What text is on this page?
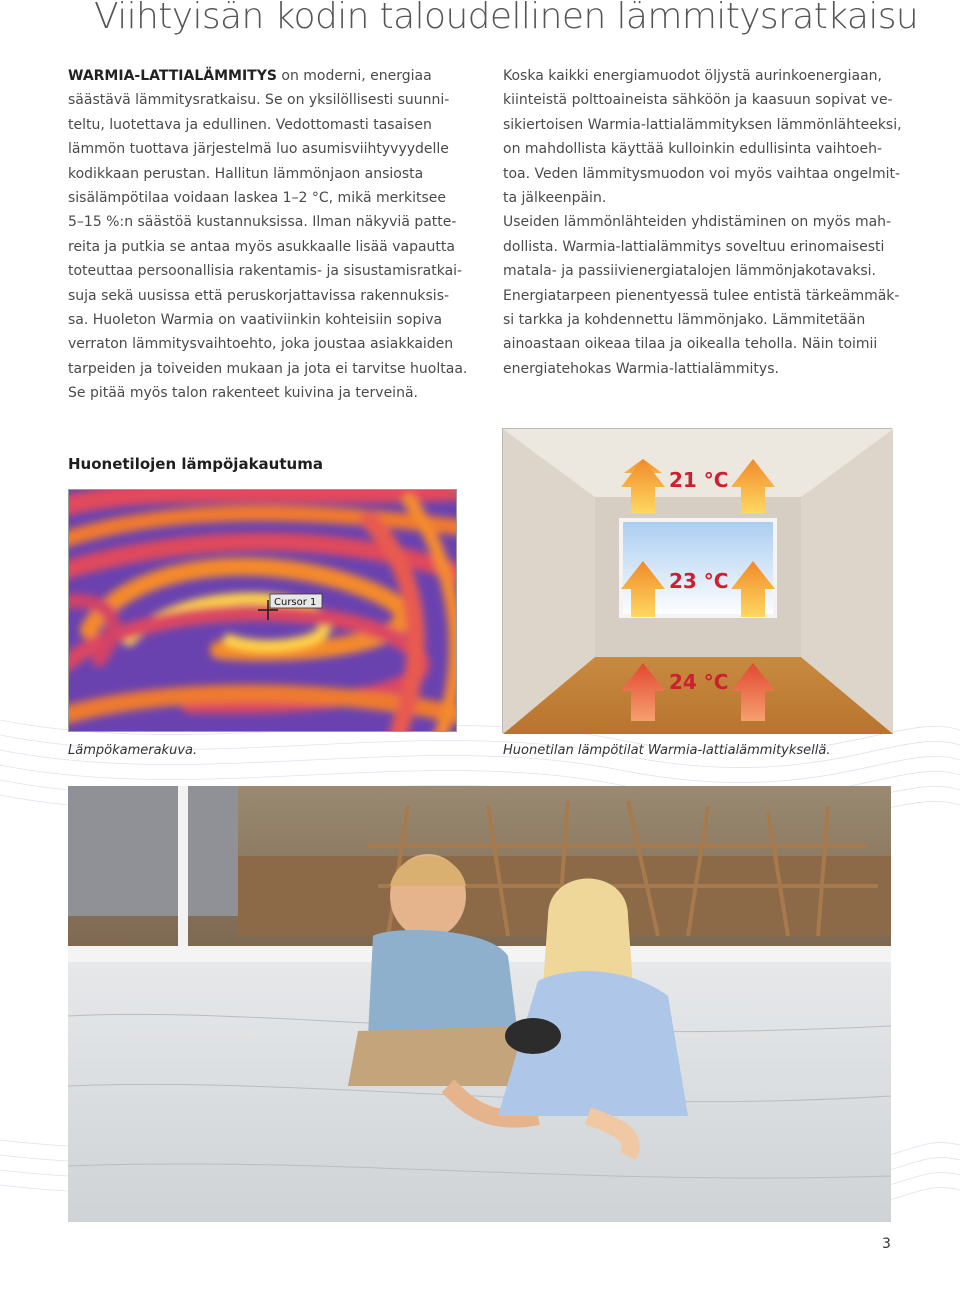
Viihtyisän kodin taloudellinen lämmitysratkaisu
WARMIA-LATTIALÄMMITYS on moderni, energiaa
säästävä lämmitysratkaisu. Se on yksilöllisesti suunni-
teltu, luotettava ja edullinen. Vedottomasti tasaisen
lämmön tuottava järjestelmä luo asumisviihtyvyydelle
kodikkaan perustan. Hallitun lämmönjaon ansiosta
sisälämpötilaa voidaan laskea 1–2 °C, mikä merkitsee
5–15 %:n säästöä kustannuksissa. Ilman näkyviä patte-
reita ja putkia se antaa myös asukkaalle lisää vapautta
toteuttaa persoonallisia rakentamis- ja sisustamisratkai-
suja sekä uusissa että peruskorjattavissa rakennuksis-
sa. Huoleton Warmia on vaativiinkin kohteisiin sopiva
verraton lämmitysvaihtoehto, joka joustaa asiakkaiden
tarpeiden ja toiveiden mukaan ja jota ei tarvitse huoltaa.
Se pitää myös talon rakenteet kuivina ja terveinä.
Koska kaikki energiamuodot öljystä aurinkoenergiaan,
kiinteistä polttoaineista sähköön ja kaasuun sopivat ve-
sikiertoisen Warmia-lattialämmityksen lämmönlähteeksi,
on mahdollista käyttää kulloinkin edullisinta vaihtoeh-
toa. Veden lämmitysmuodon voi myös vaihtaa ongelmit-
ta jälkeenpäin.
Useiden lämmönlähteiden yhdistäminen on myös mah-
dollista. Warmia-lattialämmitys soveltuu erinomaisesti
matala- ja passiivienergiatalojen lämmönjakotavaksi.
Energiatarpeen pienentyessä tulee entistä tärkeämmäk-
si tarkka ja kohdennettu lämmönjako. Lämmitetään
ainoastaan oikeaa tilaa ja oikealla teholla. Näin toimii
energiatehokas Warmia-lattialämmitys.
Huonetilojen lämpöjakautuma
Cursor 1
21 °C
23 °C
24 °C
Lämpökamerakuva.	Huonetilan lämpötilat Warmia-lattialämmityksellä.
3
